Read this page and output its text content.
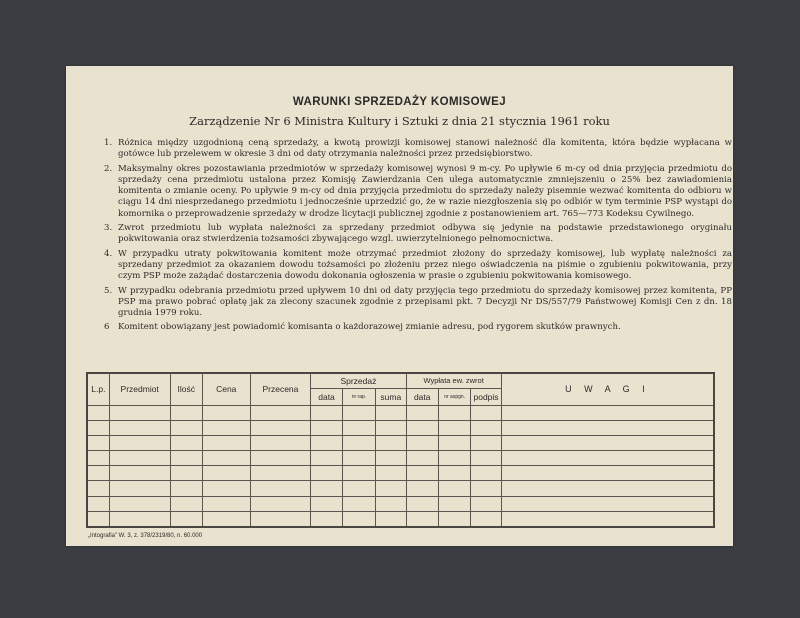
WARUNKI SPRZEDAŻY KOMISOWEJ
Zarządzenie Nr 6 Ministra Kultury i Sztuki z dnia 21 stycznia 1961 roku
1. Różnica między uzgodnioną ceną sprzedaży, a kwotą prowizji komisowej stanowi należność dla komitenta, która będzie wypłacana w gotówce lub przelewem w okresie 3 dni od daty otrzymania należności przez przedsiębiorstwo.
2. Maksymalny okres pozostawiania przedmiotów w sprzedaży komisowej wynosi 9 m-cy. Po upływie 6 m-cy od dnia przyjęcia przedmiotu do sprzedaży cena przedmiotu ustalona przez Komisję Zawierdzania Cen ulega automatycznie zmniejszeniu o 25% bez zawiadomienia komitenta o zmianie oceny. Po upływie 9 m-cy od dnia przyjęcia przedmiotu do sprzedaży należy pisemnie wezwać komitenta do odbioru w ciągu 14 dni niesprzedanego przedmiotu i jednocześnie uprzedzić go, że w razie niezgłoszenia się po odbiór w tym terminie PSP wystąpi do komornika o przeprowadzenie sprzedaży w drodze licytacji publicznej zgodnie z postanowieniem art. 765—773 Kodeksu Cywilnego.
3. Zwrot przedmiotu lub wypłata należności za sprzedany przedmiot odbywa się jedynie na podstawie przedstawionego oryginału pokwitowania oraz stwierdzenia tożsamości zbywającego wzgl. uwierzytelnionego pełnomocnictwa.
4. W przypadku utraty pokwitowania komitent może otrzymać przedmiot złożony do sprzedaży komisowej, lub wypłatę należności za sprzedany przedmiot za okazaniem dowodu tożsamości po złożeniu przez niego oświadczenia na piśmie o zgubieniu pokwitowania, przy czym PSP może zażądać dostarczenia dowodu dokonania ogłoszenia w prasie o zgubieniu pokwitowania komisowego.
5. W przypadku odebrania przedmiotu przed upływem 10 dni od daty przyjęcia tego przedmiotu do sprzedaży komisowej przez komitenta, PP PSP ma prawo pobrać opłatę jak za zlecony szacunek zgodnie z przepisami pkt. 7 Decyzji Nr DS/557/79 Państwowej Komisji Cen z dn. 18 grudnia 1979 roku.
6 Komitent obowiązany jest powiadomić komisanta o każdorazowej zmianie adresu, pod rygorem skutków prawnych.
L.p.	Przedmiot	Ilość	Cena	Przecena	Sprzedaż			Wypłata ew. zwrot			U W A G I
					data	nr rap.	suma	data	nr aspgn.	podpis	

„Intografia” W. 3, z. 378/2319/80, n. 60.000
